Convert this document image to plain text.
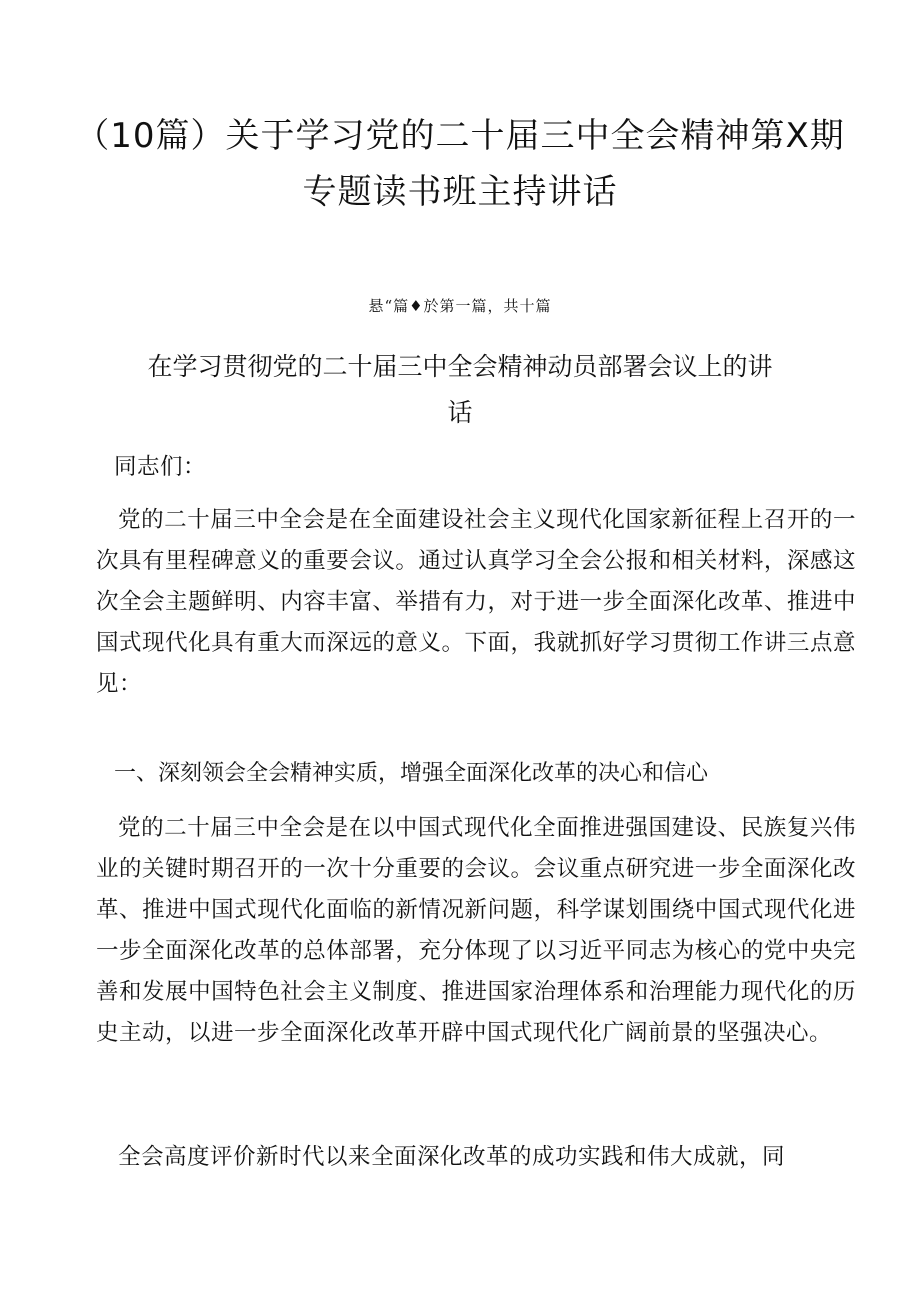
（10篇）关于学习党的二十届三中全会精神第X期
专题读书班主持讲话
悬“篇♦於第一篇，共十篇
在学习贯彻党的二十届三中全会精神动员部署会议上的讲
话

同志们：

党的二十届三中全会是在全面建设社会主义现代化国家新征程上召开的一次具有里程碑意义的重要会议。通过认真学习全会公报和相关材料，深感这次全会主题鲜明、内容丰富、举措有力，对于进一步全面深化改革、推进中国式现代化具有重大而深远的意义。下面，我就抓好学习贯彻工作讲三点意见：

一、深刻领会全会精神实质，增强全面深化改革的决心和信心

党的二十届三中全会是在以中国式现代化全面推进强国建设、民族复兴伟业的关键时期召开的一次十分重要的会议。会议重点研究进一步全面深化改革、推进中国式现代化面临的新情况新问题，科学谋划围绕中国式现代化进一步全面深化改革的总体部署，充分体现了以习近平同志为核心的党中央完善和发展中国特色社会主义制度、推进国家治理体系和治理能力现代化的历史主动，以进一步全面深化改革开辟中国式现代化广阔前景的坚强决心。

全会高度评价新时代以来全面深化改革的成功实践和伟大成就，同
